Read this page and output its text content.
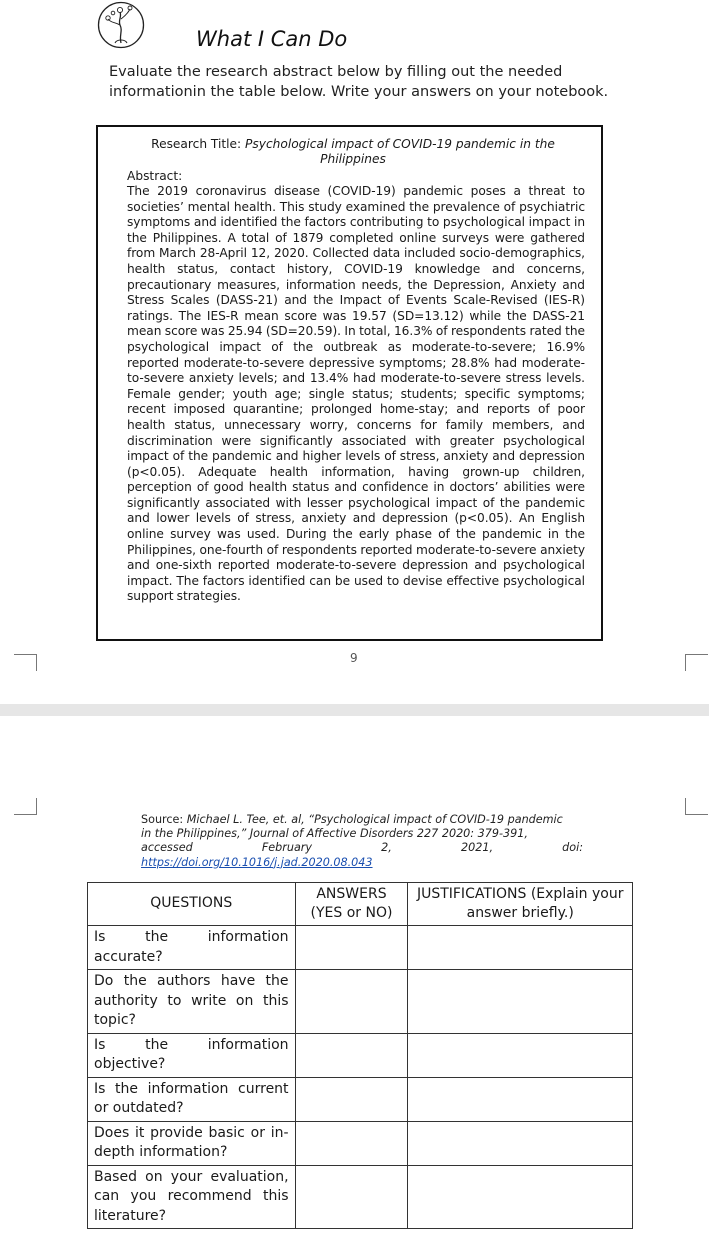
What I Can Do
Evaluate the research abstract below by filling out the needed informationin the table below. Write your answers on your notebook.
Research Title: Psychological impact of COVID-19 pandemic in the Philippines
Abstract:
The 2019 coronavirus disease (COVID-19) pandemic poses a threat to societies’ mental health. This study examined the prevalence of psychiatric symptoms and identified the factors contributing to psychological impact in the Philippines. A total of 1879 completed online surveys were gathered from March 28-April 12, 2020. Collected data included socio-demographics, health status, contact history, COVID-19 knowledge and concerns, precautionary measures, information needs, the Depression, Anxiety and Stress Scales (DASS-21) and the Impact of Events Scale-Revised (IES-R) ratings. The IES-R mean score was 19.57 (SD=13.12) while the DASS-21 mean score was 25.94 (SD=20.59). In total, 16.3% of respondents rated the psychological impact of the outbreak as moderate-to-severe; 16.9% reported moderate-to-severe depressive symptoms; 28.8% had moderate-to-severe anxiety levels; and 13.4% had moderate-to-severe stress levels. Female gender; youth age; single status; students; specific symptoms; recent imposed quarantine; prolonged home-stay; and reports of poor health status, unnecessary worry, concerns for family members, and discrimination were significantly associated with greater psychological impact of the pandemic and higher levels of stress, anxiety and depression (p<0.05). Adequate health information, having grown-up children, perception of good health status and confidence in doctors’ abilities were significantly associated with lesser psychological impact of the pandemic and lower levels of stress, anxiety and depression (p<0.05). An English online survey was used. During the early phase of the pandemic in the Philippines, one-fourth of respondents reported moderate-to-severe anxiety and one-sixth reported moderate-to-severe depression and psychological impact. The factors identified can be used to devise effective psychological support strategies.
9
Source: Michael L. Tee, et. al, “Psychological impact of COVID-19 pandemic
in the Philippines,” Journal of Affective Disorders 227 2020: 379-391,
accessed	February	2,	2021,	doi:
https://doi.org/10.1016/j.jad.2020.08.043
QUESTIONS	ANSWERS (YES or NO)	JUSTIFICATIONS (Explain your answer briefly.)
Is the information accurate?		
Do the authors have the authority to write on this topic?		
Is the information objective?		
Is the information current or outdated?		
Does it provide basic or in-depth information?		
Based on your evaluation, can you recommend this literature?		
